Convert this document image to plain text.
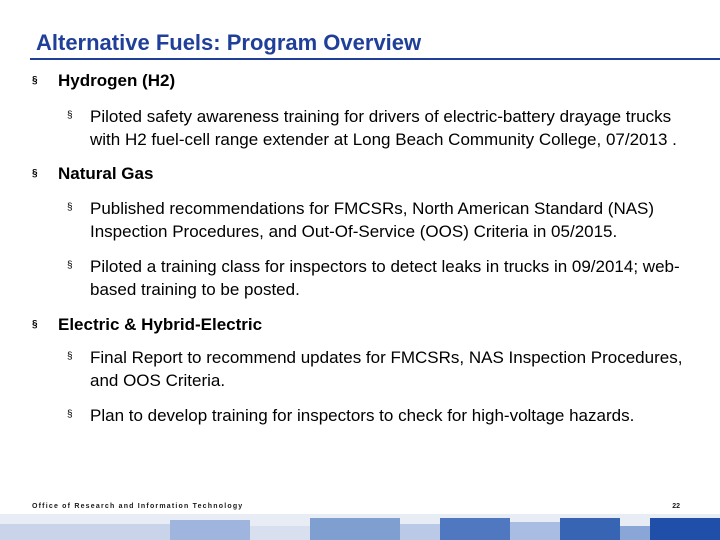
Alternative Fuels: Program Overview
§ Hydrogen (H2)
§ Piloted safety awareness training for drivers of electric-battery drayage trucks with H2 fuel-cell range extender at Long Beach Community College, 07/2013 .
§ Natural Gas
§ Published recommendations for FMCSRs, North American Standard (NAS) Inspection Procedures, and Out-Of-Service (OOS) Criteria in 05/2015.
§ Piloted a training class for inspectors to detect leaks in trucks in 09/2014; web-based training to be posted.
§ Electric & Hybrid-Electric
§ Final Report to recommend updates for FMCSRs, NAS Inspection Procedures, and OOS Criteria.
§ Plan to develop training for inspectors to check for high-voltage hazards.
Office of Research and Information Technology	22
